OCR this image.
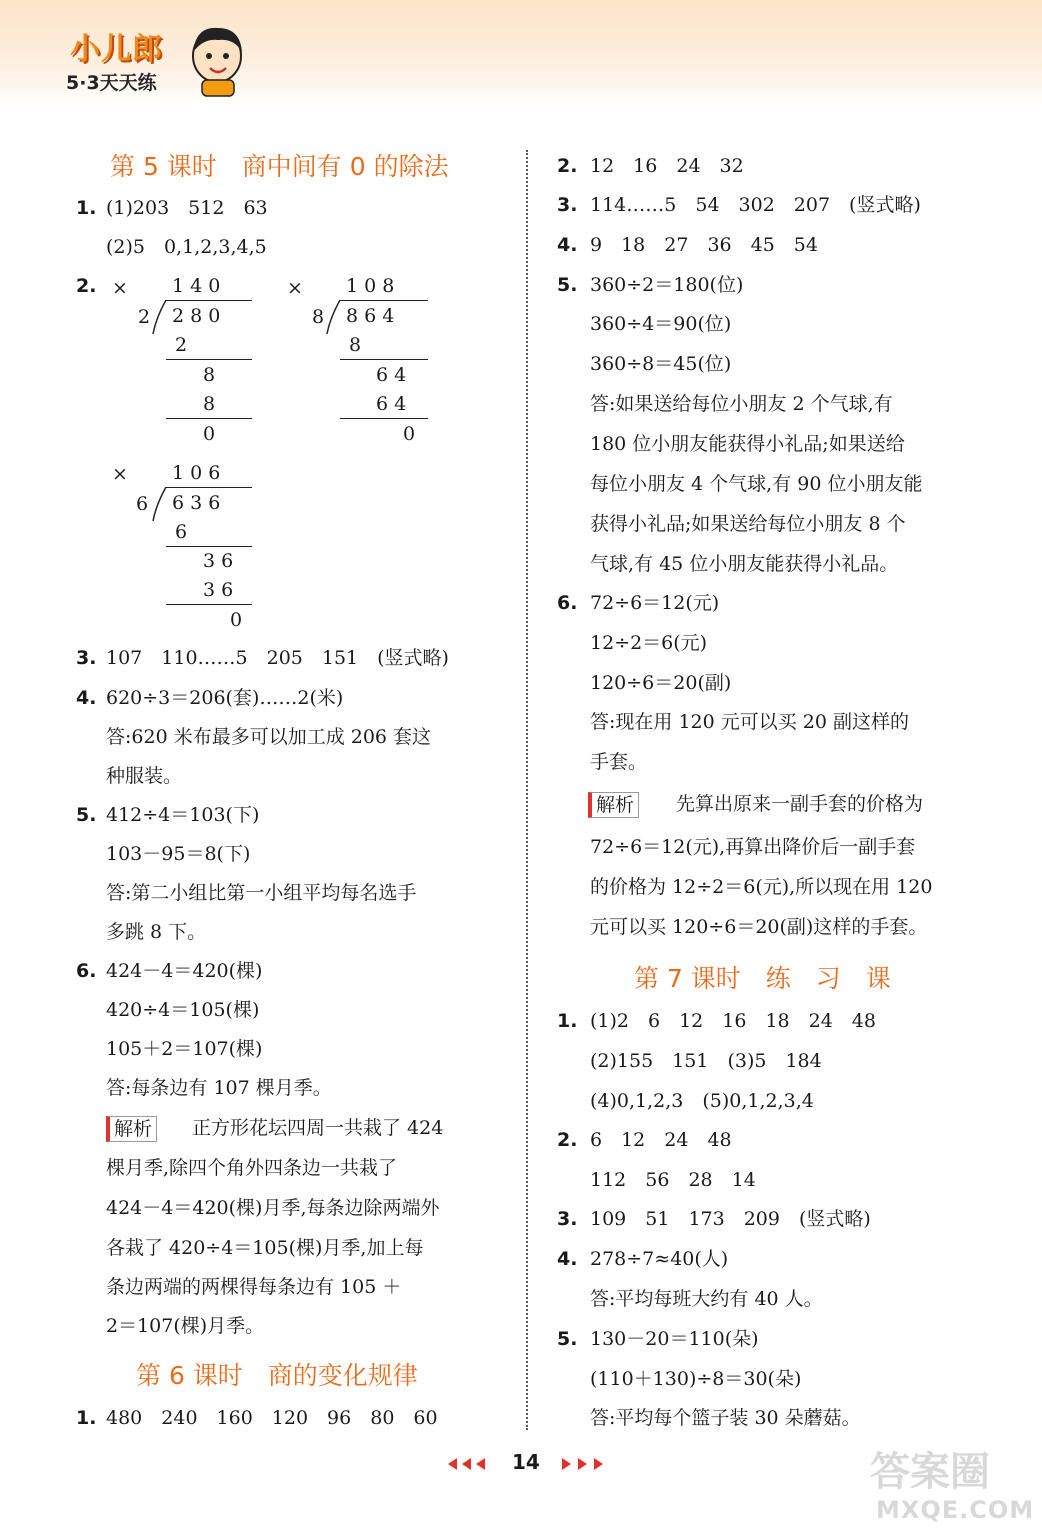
小儿郎
5·3天天练
第 5 课时　商中间有 0 的除法
1. (1)203　512　63
(2)5　0,1,2,3,4,5
2. × 1 4 0
2 2 8 0
2
8
8
0
× 1 0 8
8 8 6 4
8
6 4
6 4
0
× 1 0 6
6 6 3 6
6
3 6
3 6
0
3. 107　110……5　205　151　(竖式略)
4. 620÷3＝206(套)……2(米)
答:620 米布最多可以加工成 206 套这
种服装。
5. 412÷4＝103(下)
103－95＝8(下)
答:第二小组比第一小组平均每名选手
多跳 8 下。
6. 424－4＝420(棵)
420÷4＝105(棵)
105＋2＝107(棵)
答:每条边有 107 棵月季。
解析 正方形花坛四周一共栽了 424
棵月季,除四个角外四条边一共栽了
424－4＝420(棵)月季,每条边除两端外
各栽了 420÷4＝105(棵)月季,加上每
条边两端的两棵得每条边有 105 ＋
2＝107(棵)月季。
第 6 课时　商的变化规律
1. 480　240　160　120　96　80　60
2. 12　16　24　32
3. 114……5　54　302　207　(竖式略)
4. 9　18　27　36　45　54
5. 360÷2＝180(位)
360÷4＝90(位)
360÷8＝45(位)
答:如果送给每位小朋友 2 个气球,有
180 位小朋友能获得小礼品;如果送给
每位小朋友 4 个气球,有 90 位小朋友能
获得小礼品;如果送给每位小朋友 8 个
气球,有 45 位小朋友能获得小礼品。
6. 72÷6＝12(元)
12÷2＝6(元)
120÷6＝20(副)
答:现在用 120 元可以买 20 副这样的
手套。
解析 先算出原来一副手套的价格为
72÷6＝12(元),再算出降价后一副手套
的价格为 12÷2＝6(元),所以现在用 120
元可以买 120÷6＝20(副)这样的手套。
第 7 课时　练　习　课
1. (1)2　6　12　16　18　24　48
(2)155　151　(3)5　184
(4)0,1,2,3　(5)0,1,2,3,4
2. 6　12　24　48
112　56　28　14
3. 109　51　173　209　(竖式略)
4. 278÷7≈40(人)
答:平均每班大约有 40 人。
5. 130－20＝110(朵)
(110＋130)÷8＝30(朵)
答:平均每个篮子装 30 朵蘑菇。
14	答案圈
MXQE.COM
